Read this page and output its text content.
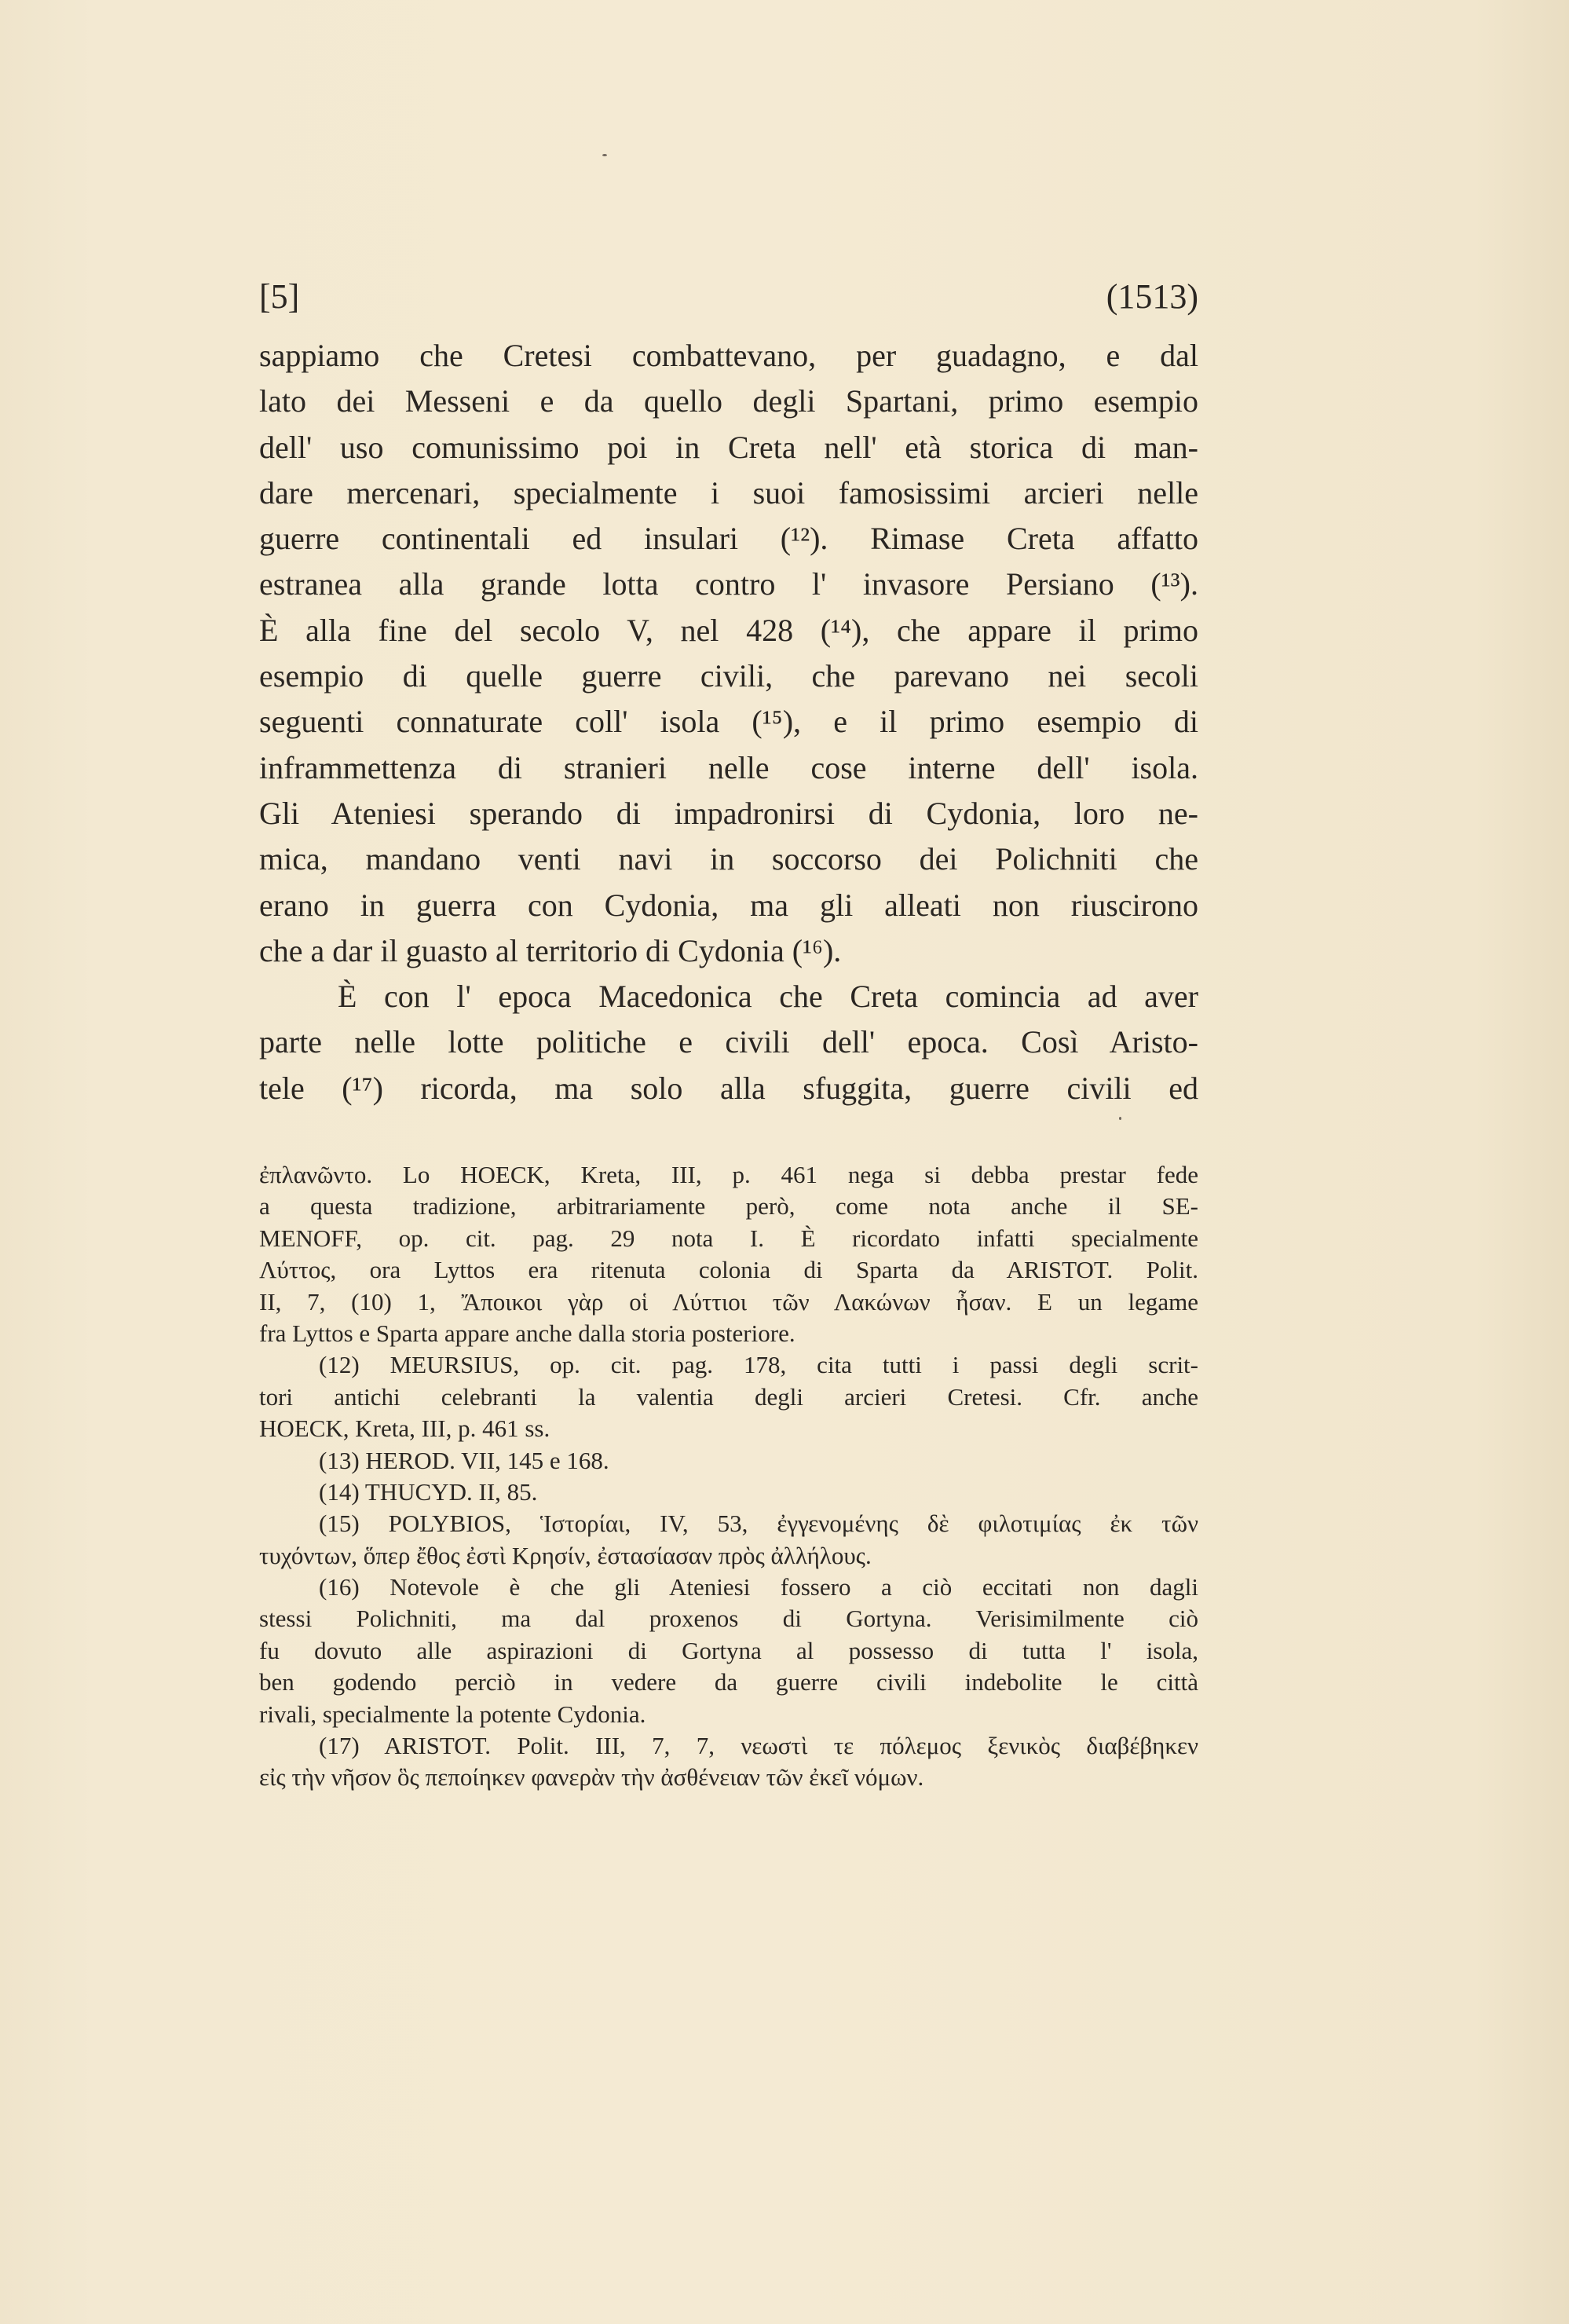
[5]	(1513)
sappiamo che Cretesi combattevano, per guadagno, e dal
lato dei Messeni e da quello degli Spartani, primo esempio
dell' uso comunissimo poi in Creta nell' età storica di man-
dare mercenari, specialmente i suoi famosissimi arcieri nelle
guerre continentali ed insulari (¹²). Rimase Creta affatto
estranea alla grande lotta contro l' invasore Persiano (¹³).
È alla fine del secolo V, nel 428 (¹⁴), che appare il primo
esempio di quelle guerre civili, che parevano nei secoli
seguenti connaturate coll' isola (¹⁵), e il primo esempio di
inframmettenza di stranieri nelle cose interne dell' isola.
Gli Ateniesi sperando di impadronirsi di Cydonia, loro ne-
mica, mandano venti navi in soccorso dei Polichniti che
erano in guerra con Cydonia, ma gli alleati non riuscirono
che a dar il guasto al territorio di Cydonia (¹⁶).
È con l' epoca Macedonica che Creta comincia ad aver
parte nelle lotte politiche e civili dell' epoca. Così Aristo-
tele (¹⁷) ricorda, ma solo alla sfuggita, guerre civili ed
ἐπλανῶντο. Lo HOECK, Kreta, III, p. 461 nega si debba prestar fede
a questa tradizione, arbitrariamente però, come nota anche il SE-
MENOFF, op. cit. pag. 29 nota I. È ricordato infatti specialmente
Λύττος, ora Lyttos era ritenuta colonia di Sparta da ARISTOT. Polit.
II, 7, (10) 1, Ἄποικοι γὰρ οἱ Λύττιοι τῶν Λακώνων ἦσαν. E un legame
fra Lyttos e Sparta appare anche dalla storia posteriore.
(12) MEURSIUS, op. cit. pag. 178, cita tutti i passi degli scrit-
tori antichi celebranti la valentia degli arcieri Cretesi. Cfr. anche
HOECK, Kreta, III, p. 461 ss.
(13) HEROD. VII, 145 e 168.
(14) THUCYD. II, 85.
(15) POLYBIOS, Ἱστορίαι, IV, 53, ἐγγενομένης δὲ φιλοτιμίας ἐκ τῶν
τυχόντων, ὅπερ ἔθος ἐστὶ Κρησίν, ἐστασίασαν πρὸς ἀλλήλους.
(16) Notevole è che gli Ateniesi fossero a ciò eccitati non dagli
stessi Polichniti, ma dal proxenos di Gortyna. Verisimilmente ciò
fu dovuto alle aspirazioni di Gortyna al possesso di tutta l' isola,
ben godendo perciò in vedere da guerre civili indebolite le città
rivali, specialmente la potente Cydonia.
(17) ARISTOT. Polit. III, 7, 7, νεωστὶ τε πόλεμος ξενικὸς διαβέβηκεν
εἰς τὴν νῆσον ὃς πεποίηκεν φανερὰν τὴν ἀσθένειαν τῶν ἐκεῖ νόμων.
